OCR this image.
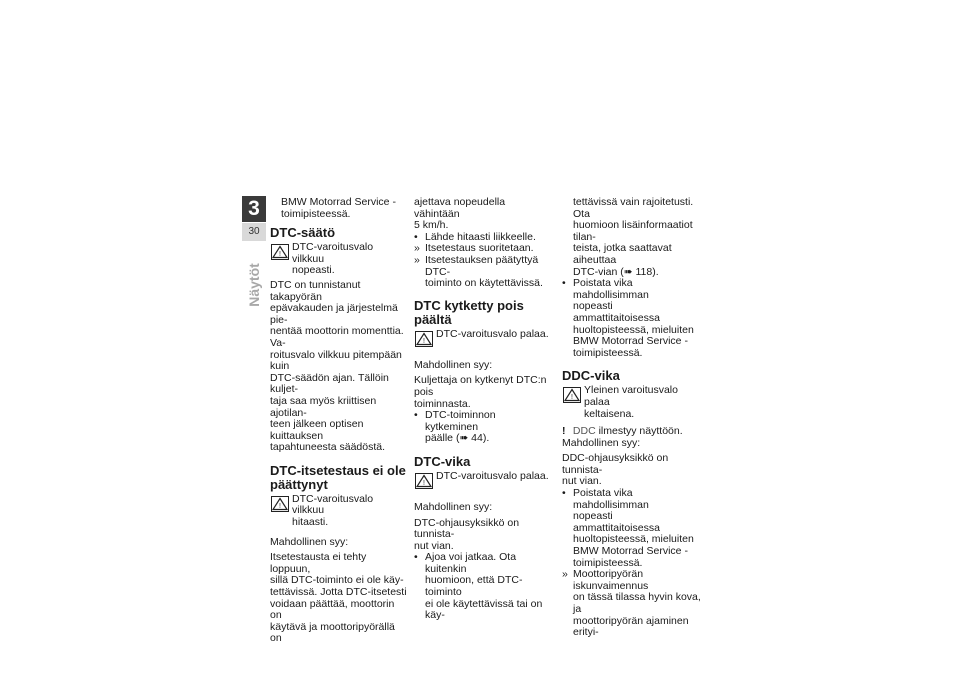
3
30
Näytöt

BMW Motorrad Service -

toimipisteessä.

DTC-säätö
!

DTC-varoitusvalo vilkkuu

nopeasti.

DTC on tunnistanut takapyörän

epävakauden ja järjestelmä pie-

nentää moottorin momenttia. Va-

roitusvalo vilkkuu pitempään kuin

DTC-säädön ajan. Tällöin kuljet-

taja saa myös kriittisen ajotilan-

teen jälkeen optisen kuittauksen

tapahtuneesta säädöstä.

DTC-itsetestaus ei ole
päättynyt
!

DTC-varoitusvalo vilkkuu

hitaasti.

Mahdollinen syy:

Itsetestausta ei tehty loppuun,

sillä DTC-toiminto ei ole käy-

tettävissä. Jotta DTC-itsetesti

voidaan päättää, moottorin on

käytävä ja moottoripyörällä on

ajettava nopeudella vähintään

5 km/h.

• Lähde hitaasti liikkeelle.
» Itsetestaus suoritetaan.
» Itsetestauksen päätyttyä DTC-
toiminto on käytettävissä.
DTC kytketty pois päältä
!

DTC-varoitusvalo palaa.

Mahdollinen syy:

Kuljettaja on kytkenyt DTC:n pois

toiminnasta.

• DTC-toiminnon kytkeminen
päälle (➠ 44).
DTC-vika
!

DTC-varoitusvalo palaa.

Mahdollinen syy:

DTC-ohjausyksikkö on tunnista-

nut vian.

• Ajoa voi jatkaa. Ota kuitenkin
huomioon, että DTC-toiminto
ei ole käytettävissä tai on käy-

tettävissä vain rajoitetusti. Ota

huomioon lisäinformaatiot tilan-

teista, jotka saattavat aiheuttaa

DTC-vian (➠ 118).

• Poistata vika mahdollisimman
nopeasti ammattitaitoisessa
huoltopisteessä, mieluiten
BMW Motorrad Service -
toimipisteessä.
DDC-vika
!

Yleinen varoitusvalo palaa

keltaisena.

! DDC ilmestyy näyttöön.

Mahdollinen syy:

DDC-ohjausyksikkö on tunnista-

nut vian.

• Poistata vika mahdollisimman
nopeasti ammattitaitoisessa
huoltopisteessä, mieluiten
BMW Motorrad Service -
toimipisteessä.
» Moottoripyörän iskunvaimennus
on tässä tilassa hyvin kova, ja
moottoripyörän ajaminen erityi-
